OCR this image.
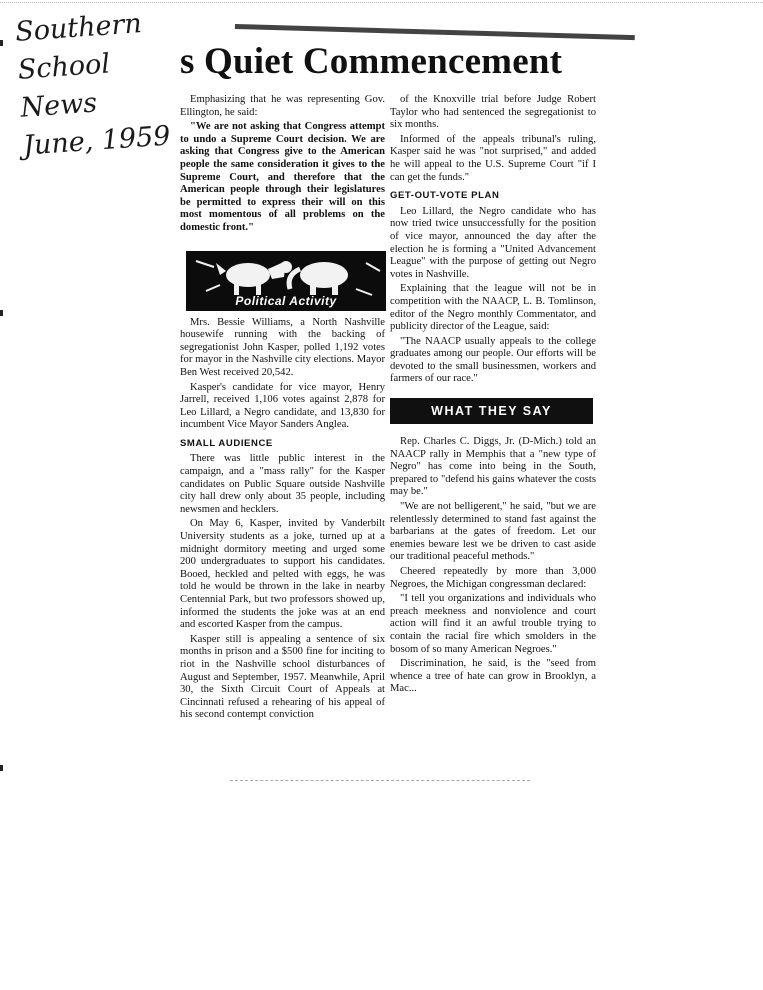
Southern
School
News
June, 1959
s Quiet Commencement

Emphasizing that he was representing Gov. Ellington, he said:

"We are not asking that Congress attempt to undo a Supreme Court decision. We are asking that Congress give to the American people the same consideration it gives to the Supreme Court, and therefore that the American people through their legislatures be permitted to express their will on this most momentous of all problems on the domestic front."

Political Activity

Mrs. Bessie Williams, a North Nashville housewife running with the backing of segregationist John Kasper, polled 1,192 votes for mayor in the Nashville city elections. Mayor Ben West received 20,542.

Kasper's candidate for vice mayor, Henry Jarrell, received 1,106 votes against 2,878 for Leo Lillard, a Negro candidate, and 13,830 for incumbent Vice Mayor Sanders Anglea.

SMALL AUDIENCE

There was little public interest in the campaign, and a "mass rally" for the Kasper candidates on Public Square outside Nashville city hall drew only about 35 people, including newsmen and hecklers.

On May 6, Kasper, invited by Vanderbilt University students as a joke, turned up at a midnight dormitory meeting and urged some 200 undergraduates to support his candidates. Booed, heckled and pelted with eggs, he was told he would be thrown in the lake in nearby Centennial Park, but two professors showed up, informed the students the joke was at an end and escorted Kasper from the campus.

Kasper still is appealing a sentence of six months in prison and a $500 fine for inciting to riot in the Nashville school disturbances of August and September, 1957. Meanwhile, April 30, the Sixth Circuit Court of Appeals at Cincinnati refused a rehearing of his appeal of his second contempt conviction

of the Knoxville trial before Judge Robert Taylor who had sentenced the segregationist to six months.

Informed of the appeals tribunal's ruling, Kasper said he was "not surprised," and added he will appeal to the U.S. Supreme Court "if I can get the funds."

GET-OUT-VOTE PLAN

Leo Lillard, the Negro candidate who has now tried twice unsuccessfully for the position of vice mayor, announced the day after the election he is forming a "United Advancement League" with the purpose of getting out Negro votes in Nashville.

Explaining that the league will not be in competition with the NAACP, L. B. Tomlinson, editor of the Negro monthly Commentator, and publicity director of the League, said:

"The NAACP usually appeals to the college graduates among our people. Our efforts will be devoted to the small businessmen, workers and farmers of our race."

WHAT THEY SAY

Rep. Charles C. Diggs, Jr. (D-Mich.) told an NAACP rally in Memphis that a "new type of Negro" has come into being in the South, prepared to "defend his gains whatever the costs may be."

"We are not belligerent," he said, "but we are relentlessly determined to stand fast against the barbarians at the gates of freedom. Let our enemies beware lest we be driven to cast aside our traditional peaceful methods."

Cheered repeatedly by more than 3,000 Negroes, the Michigan congressman declared:

"I tell you organizations and individuals who preach meekness and nonviolence and court action will find it an awful trouble trying to contain the racial fire which smolders in the bosom of so many American Negroes."

Discrimination, he said, is the "seed from whence a tree of hate can grow in Brooklyn, a Mac...
